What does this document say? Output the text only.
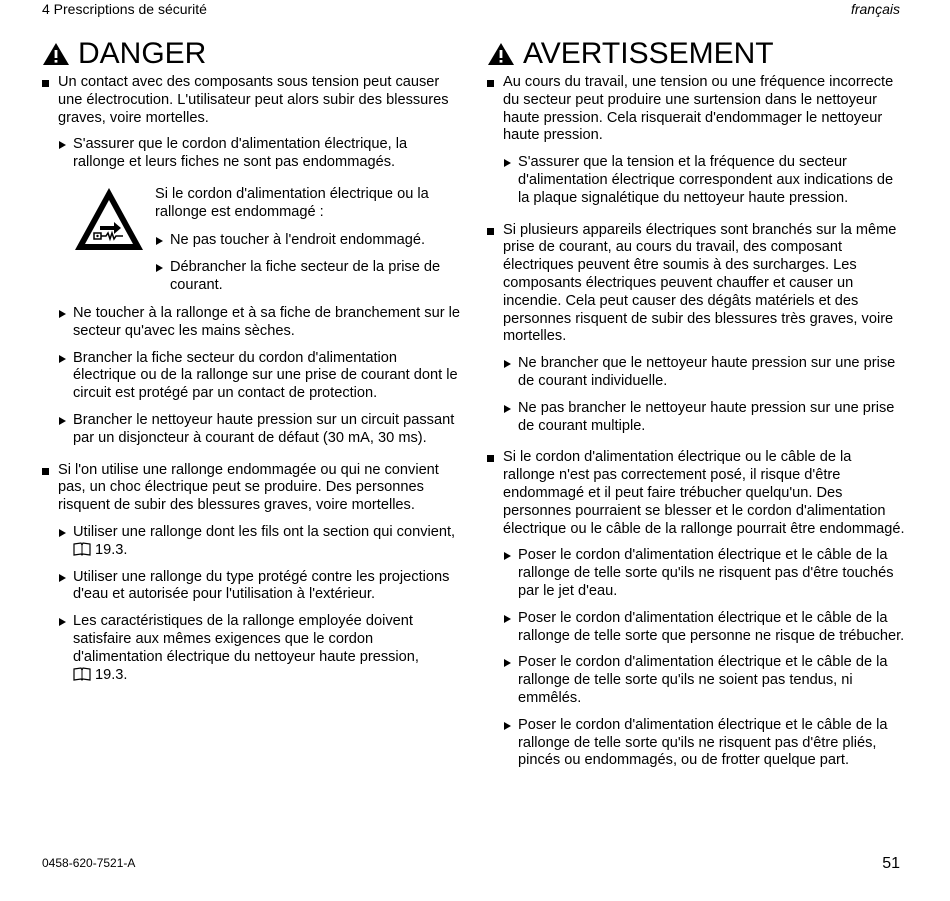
4 Prescriptions de sécurité	français
DANGER
Un contact avec des composants sous tension peut causer une électrocution. L'utilisateur peut alors subir des blessures graves, voire mortelles.
S'assurer que le cordon d'alimentation électrique, la rallonge et leurs fiches ne sont pas endommagés.
Si le cordon d'alimentation électrique ou la rallonge est endommagé :
Ne pas toucher à l'endroit endommagé.
Débrancher la fiche secteur de la prise de courant.
Ne toucher à la rallonge et à sa fiche de branchement sur le secteur qu'avec les mains sèches.
Brancher la fiche secteur du cordon d'alimentation électrique ou de la rallonge sur une prise de courant dont le circuit est protégé par un contact de protection.
Brancher le nettoyeur haute pression sur un circuit passant par un disjoncteur à courant de défaut (30 mA, 30 ms).
Si l'on utilise une rallonge endommagée ou qui ne convient pas, un choc électrique peut se produire. Des personnes risquent de subir des blessures graves, voire mortelles.
Utiliser une rallonge dont les fils ont la section qui convient, 19.3.
Utiliser une rallonge du type protégé contre les projections d'eau et autorisée pour l'utilisation à l'extérieur.
Les caractéristiques de la rallonge employée doivent satisfaire aux mêmes exigences que le cordon d'alimentation électrique du nettoyeur haute pression,
19.3.
AVERTISSEMENT
Au cours du travail, une tension ou une fréquence incorrecte du secteur peut produire une surtension dans le nettoyeur haute pression. Cela risquerait d'endommager le nettoyeur haute pression.
S'assurer que la tension et la fréquence du secteur d'alimentation électrique correspondent aux indications de la plaque signalétique du nettoyeur haute pression.
Si plusieurs appareils électriques sont branchés sur la même prise de courant, au cours du travail, des composant électriques peuvent être soumis à des surcharges. Les composants électriques peuvent chauffer et causer un incendie. Cela peut causer des dégâts matériels et des personnes risquent de subir des blessures très graves, voire mortelles.
Ne brancher que le nettoyeur haute pression sur une prise de courant individuelle.
Ne pas brancher le nettoyeur haute pression sur une prise de courant multiple.
Si le cordon d'alimentation électrique ou le câble de la rallonge n'est pas correctement posé, il risque d'être endommagé et il peut faire trébucher quelqu'un. Des personnes pourraient se blesser et le cordon d'alimentation électrique ou le câble de la rallonge pourrait être endommagé.
Poser le cordon d'alimentation électrique et le câble de la rallonge de telle sorte qu'ils ne risquent pas d'être touchés par le jet d'eau.
Poser le cordon d'alimentation électrique et le câble de la rallonge de telle sorte que personne ne risque de trébucher.
Poser le cordon d'alimentation électrique et le câble de la rallonge de telle sorte qu'ils ne soient pas tendus, ni emmêlés.
Poser le cordon d'alimentation électrique et le câble de la rallonge de telle sorte qu'ils ne risquent pas d'être pliés, pincés ou endommagés, ou de frotter quelque part.
0458-620-7521-A	51
